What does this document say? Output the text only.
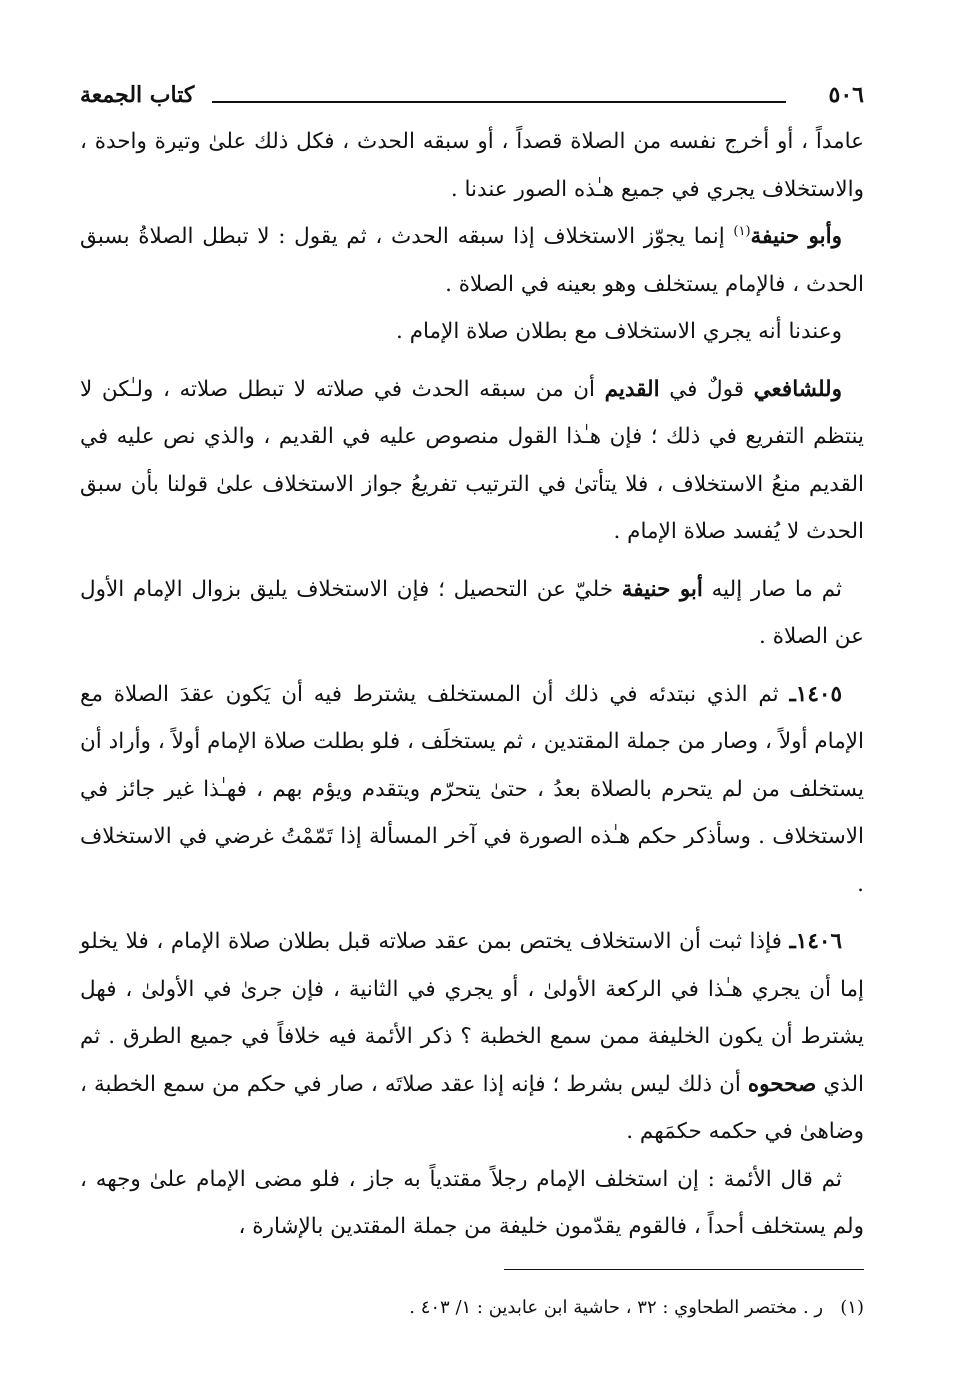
٥٠٦
كتاب الجمعة

عامداً ، أو أخرج نفسه من الصلاة قصداً ، أو سبقه الحدث ، فكل ذلك علىٰ وتيرة واحدة ، والاستخلاف يجري في جميع هـٰذه الصور عندنا .

وأبو حنيفة$^{(١)}$ إنما يجوّز الاستخلاف إذا سبقه الحدث ، ثم يقول : لا تبطل الصلاةُ بسبق الحدث ، فالإمام يستخلف وهو بعينه في الصلاة .

وعندنا أنه يجري الاستخلاف مع بطلان صلاة الإمام .

وللشافعي قولٌ في القديم أن من سبقه الحدث في صلاته لا تبطل صلاته ، ولـٰكن لا ينتظم التفريع في ذلك ؛ فإن هـٰذا القول منصوص عليه في القديم ، والذي نص عليه في القديم منعُ الاستخلاف ، فلا يتأتىٰ في الترتيب تفريعُ جواز الاستخلاف علىٰ قولنا بأن سبق الحدث لا يُفسد صلاة الإمام .

ثم ما صار إليه أبو حنيفة خليّ عن التحصيل ؛ فإن الاستخلاف يليق بزوال الإمام الأول عن الصلاة .

١٤٠٥ـ ثم الذي نبتدئه في ذلك أن المستخلف يشترط فيه أن يَكون عقدَ الصلاة مع الإمام أولاً ، وصار من جملة المقتدين ، ثم يستخلَف ، فلو بطلت صلاة الإمام أولاً ، وأراد أن يستخلف من لم يتحرم بالصلاة بعدُ ، حتىٰ يتحرّم ويتقدم ويؤم بهم ، فهـٰذا غير جائز في الاستخلاف . وسأذكر حكم هـٰذه الصورة في آخر المسألة إذا تَمّمْتُ غرضي في الاستخلاف .

١٤٠٦ـ فإذا ثبت أن الاستخلاف يختص بمن عقد صلاته قبل بطلان صلاة الإمام ، فلا يخلو إما أن يجري هـٰذا في الركعة الأولىٰ ، أو يجري في الثانية ، فإن جرىٰ في الأولىٰ ، فهل يشترط أن يكون الخليفة ممن سمع الخطبة ؟ ذكر الأئمة فيه خلافاً في جميع الطرق . ثم الذي صححوه أن ذلك ليس بشرط ؛ فإنه إذا عقد صلاتَه ، صار في حكم من سمع الخطبة ، وضاهىٰ في حكمه حكمَهم .

ثم قال الأئمة : إن استخلف الإمام رجلاً مقتدياً به جاز ، فلو مضى الإمام علىٰ وجهه ، ولم يستخلف أحداً ، فالقوم يقدّمون خليفة من جملة المقتدين بالإشارة ،

(١)   ر . مختصر الطحاوي : ٣٢ ، حاشية ابن عابدين : ١/ ٤٠٣ .
